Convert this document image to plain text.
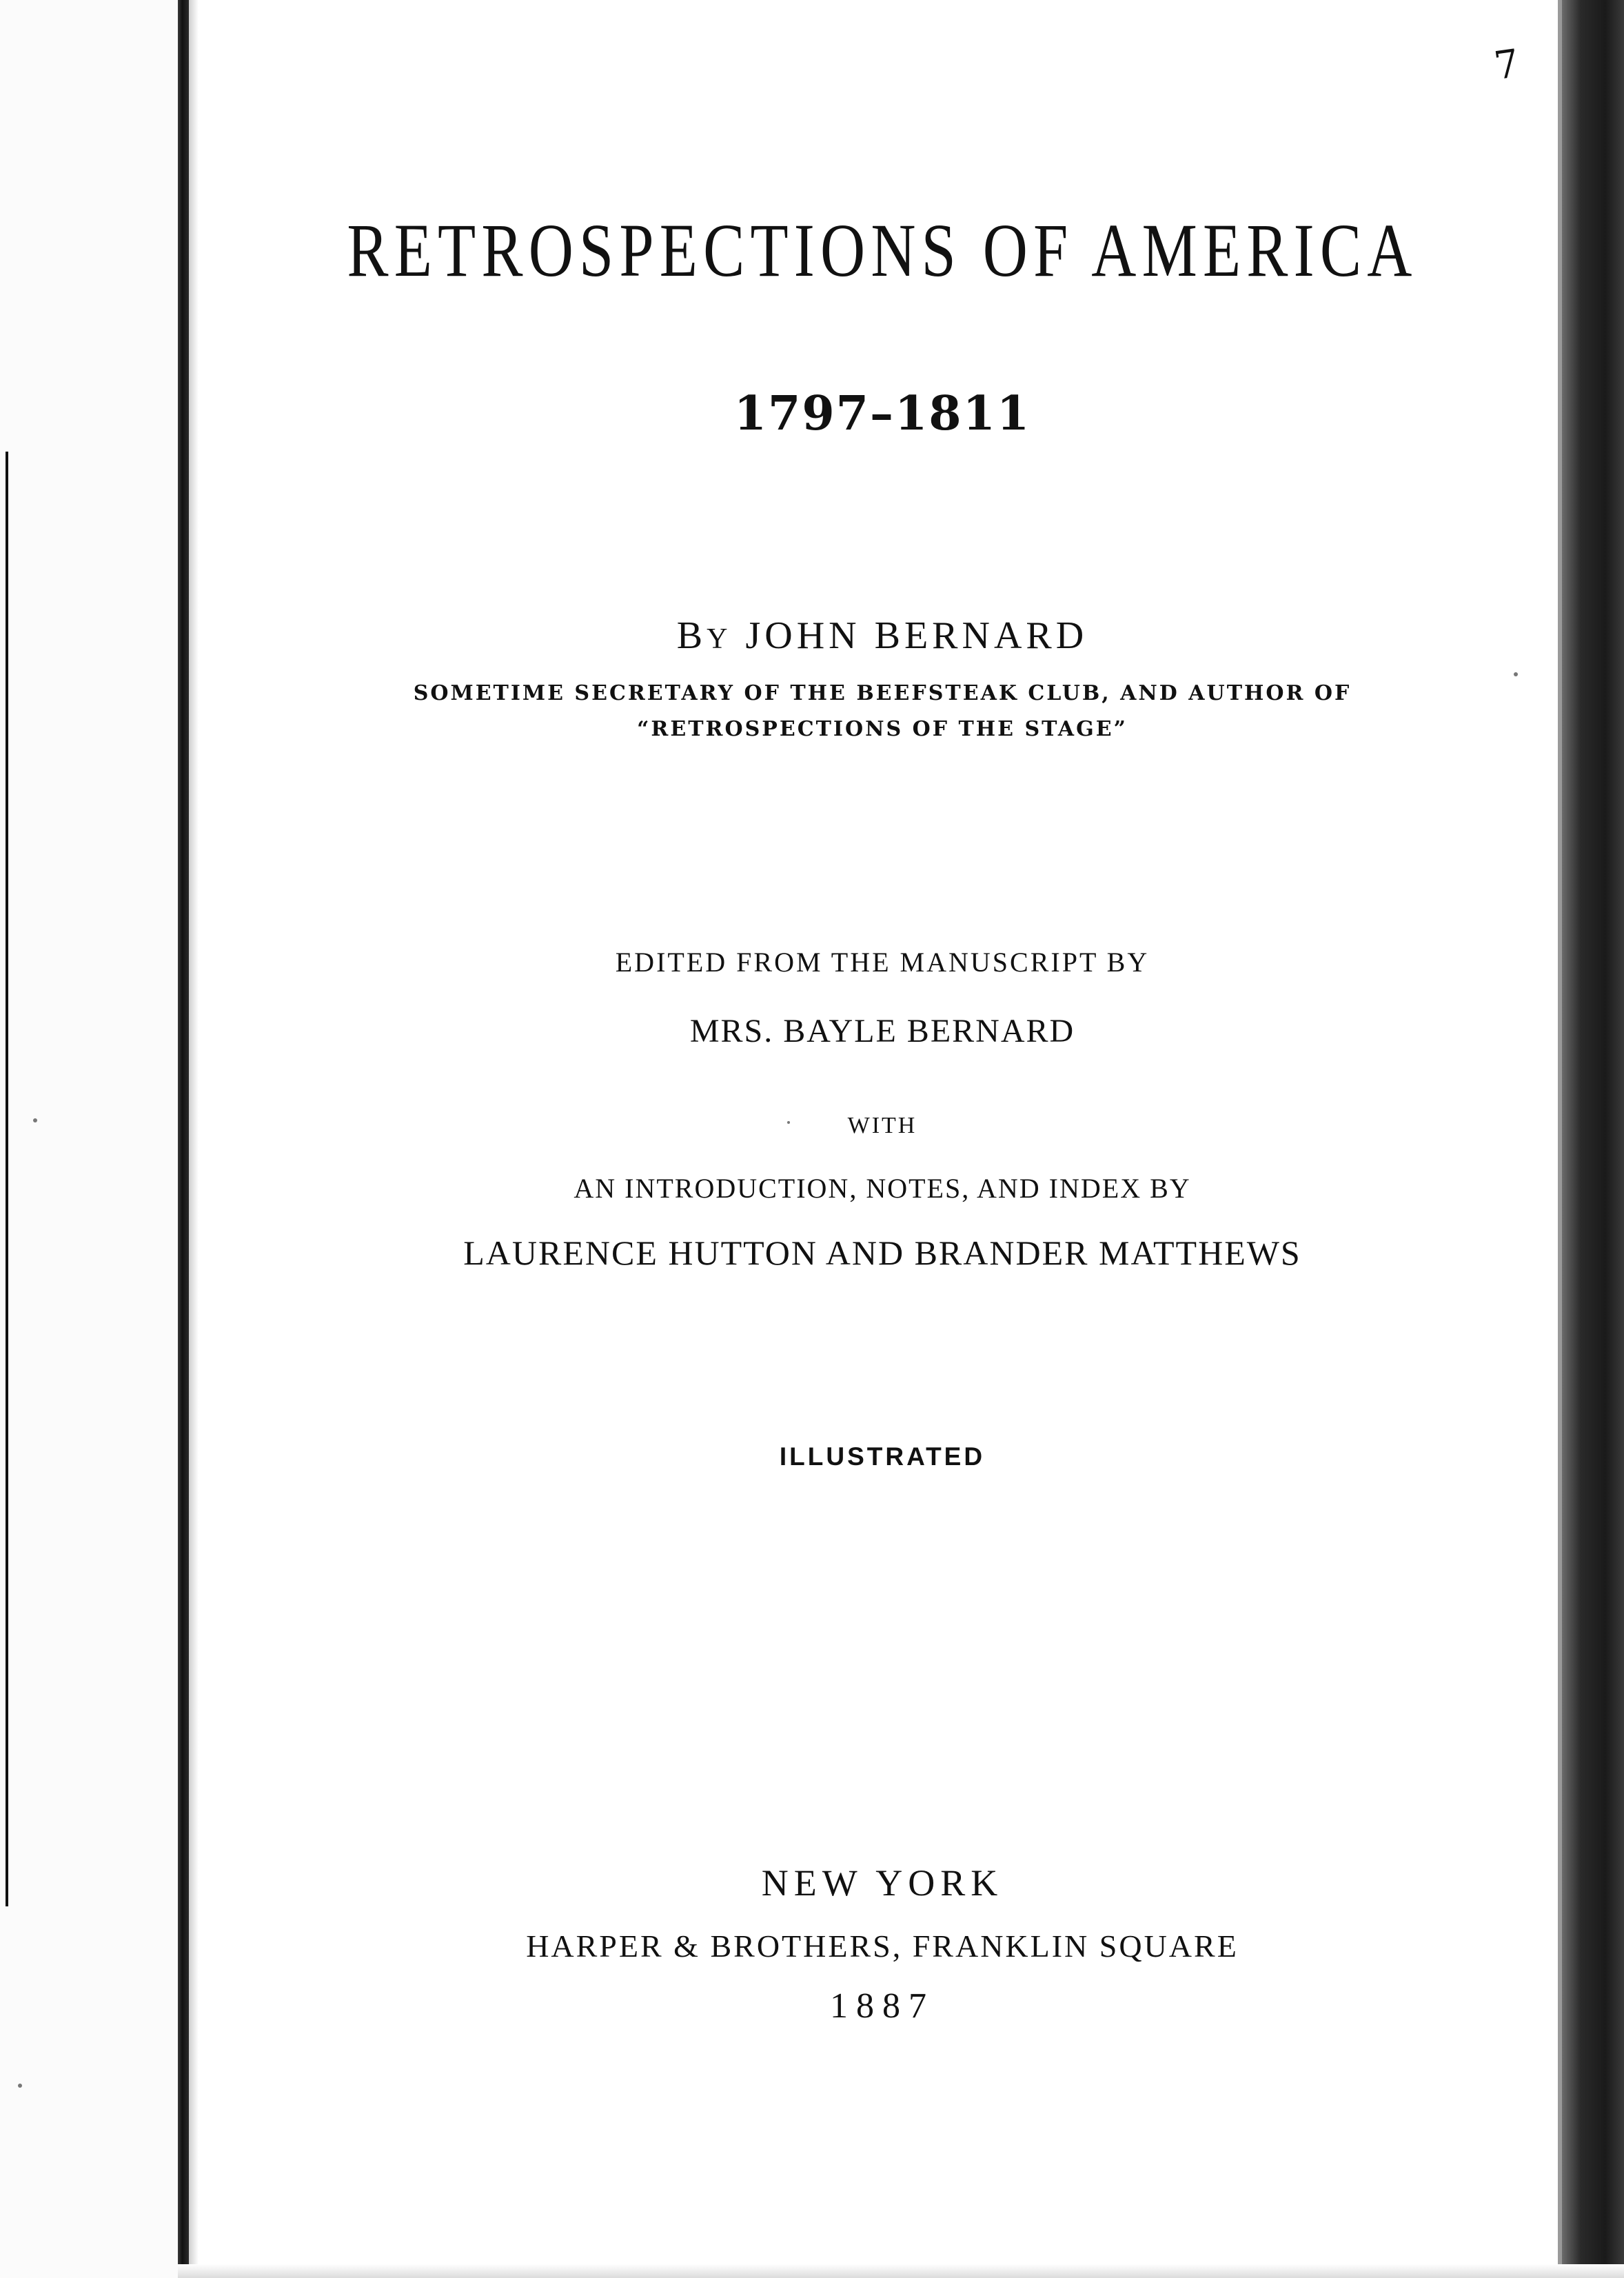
7
RETROSPECTIONS OF AMERICA
1797–1811
BY JOHN BERNARD
SOMETIME SECRETARY OF THE BEEFSTEAK CLUB, AND AUTHOR OF
“RETROSPECTIONS OF THE STAGE”
EDITED FROM THE MANUSCRIPT BY
MRS. BAYLE BERNARD
WITH
AN INTRODUCTION, NOTES, AND INDEX BY
LAURENCE HUTTON AND BRANDER MATTHEWS
ILLUSTRATED
NEW YORK
HARPER & BROTHERS, FRANKLIN SQUARE
1887
